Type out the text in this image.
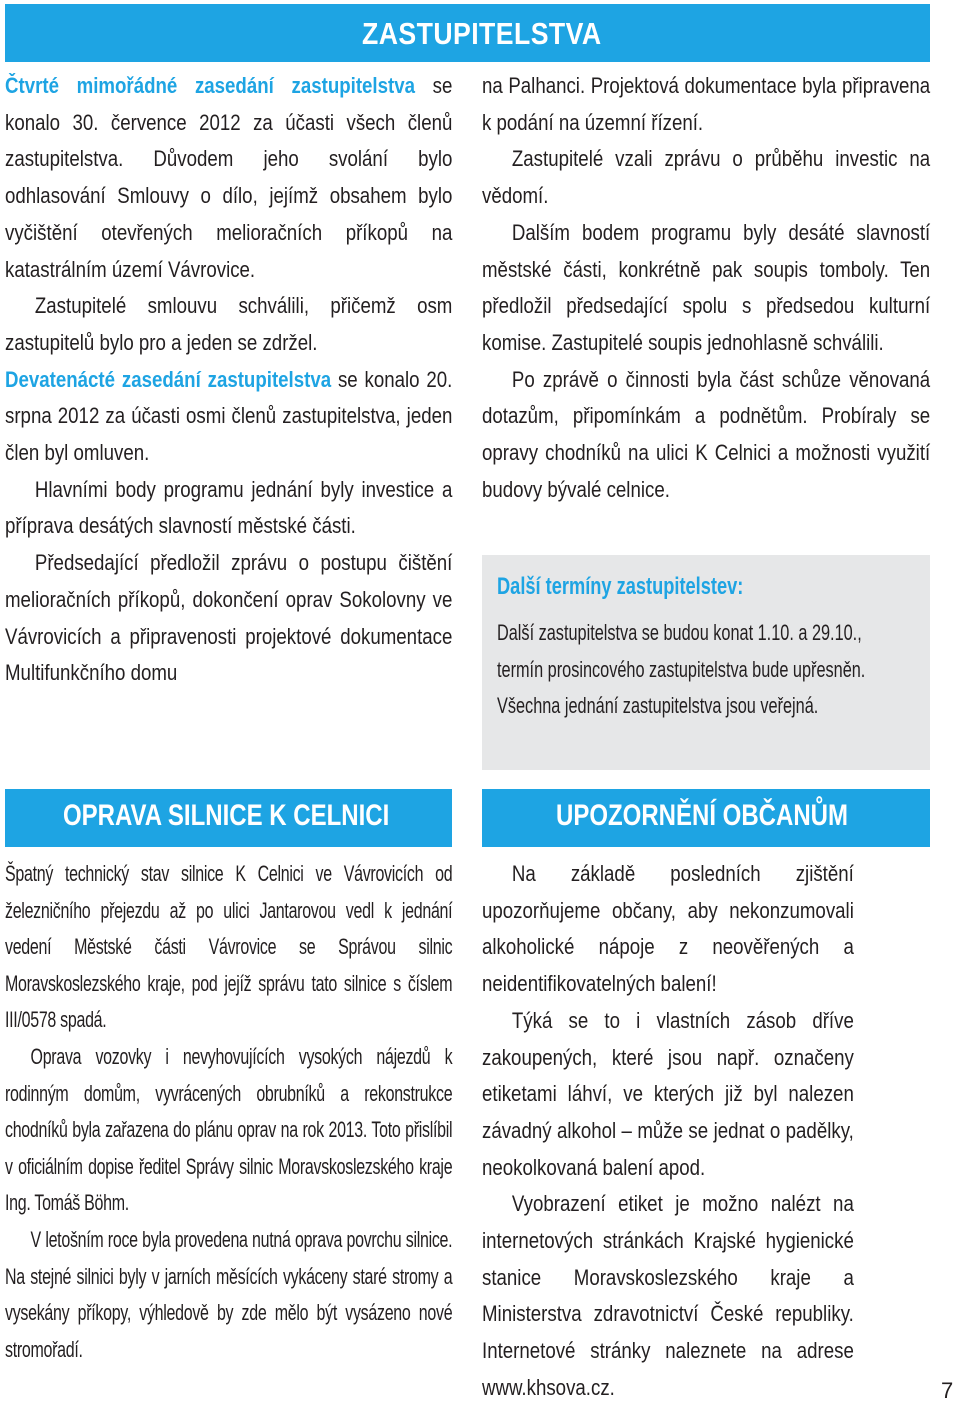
ZASTUPITELSTVA

Čtvrté mimořádné zasedání zastupitelstva se konalo 30. července 2012 za účasti všech členů zastupitelstva. Důvodem jeho svolání bylo odhlasování Smlouvy o dílo, jejímž obsahem bylo vyčištění otevřených melioračních příkopů na katastrálním území Vávrovice.

Zastupitelé smlouvu schválili, přičemž osm zastupitelů bylo pro a jeden se zdržel.

Devatenácté zasedání zastupitelstva se konalo 20. srpna 2012 za účasti osmi členů zastupitelstva, jeden člen byl omluven.

Hlavními body programu jednání byly investice a příprava desátých slavností městské části.

Předsedající předložil zprávu o postupu čištění melioračních příkopů, dokončení oprav Sokolovny ve Vávrovicích a připravenosti projektové dokumentace Multifunkčního domu

na Palhanci. Projektová dokumentace byla připravena k podání na územní řízení.

Zastupitelé vzali zprávu o průběhu investic na vědomí.

Dalším bodem programu byly desáté slavností městské části, konkrétně pak soupis tomboly. Ten předložil předsedající spolu s předsedou kulturní komise. Zastupitelé soupis jednohlasně schválili.

Po zprávě o činnosti byla část schůze věnovaná dotazům, připomínkám a podnětům. Probíraly se opravy chodníků na ulici K Celnici a možnosti využití budovy bývalé celnice.

Další termíny zastupitelstev:
Další zastupitelstva se budou konat 1.10. a 29.10., termín prosincového zastupitelstva bude upřesněn. Všechna jednání zastupitelstva jsou veřejná.
OPRAVA SILNICE K CELNICI	UPOZORNĚNÍ OBČANŮM

Špatný technický stav silnice K Celnici ve Vávrovicích od železničního přejezdu až po ulici Jantarovou vedl k jednání vedení Městské části Vávrovice se Správou silnic Moravskoslezského kraje, pod jejíž správu tato silnice s číslem III/0578 spadá.

Oprava vozovky i nevyhovujících vysokých nájezdů k rodinným domům, vyvrácených obrubníků a rekonstrukce chodníků byla zařazena do plánu oprav na rok 2013. Toto přislíbil v oficiálním dopise ředitel Správy silnic Moravskoslezského kraje Ing. Tomáš Böhm.

V letošním roce byla provedena nutná oprava povrchu silnice. Na stejné silnici byly v jarních měsících vykáceny staré stromy a vysekány příkopy, výhledově by zde mělo být vysázeno nové stromořadí.

Na základě posledních zjištění upozorňujeme občany, aby nekonzumovali alkoholické nápoje z neověřených a neidentifikovatelných balení!

Týká se to i vlastních zásob dříve zakoupených, které jsou např. označeny etiketami láhví, ve kterých již byl nalezen závadný alkohol – může se jednat o padělky, neokolkovaná balení apod.

Vyobrazení etiket je možno nalézt na internetových stránkách Krajské hygienické stanice Moravskoslezského kraje a Ministerstva zdravotnictví České republiky. Internetové stránky naleznete na adrese www.khsova.cz.	7
